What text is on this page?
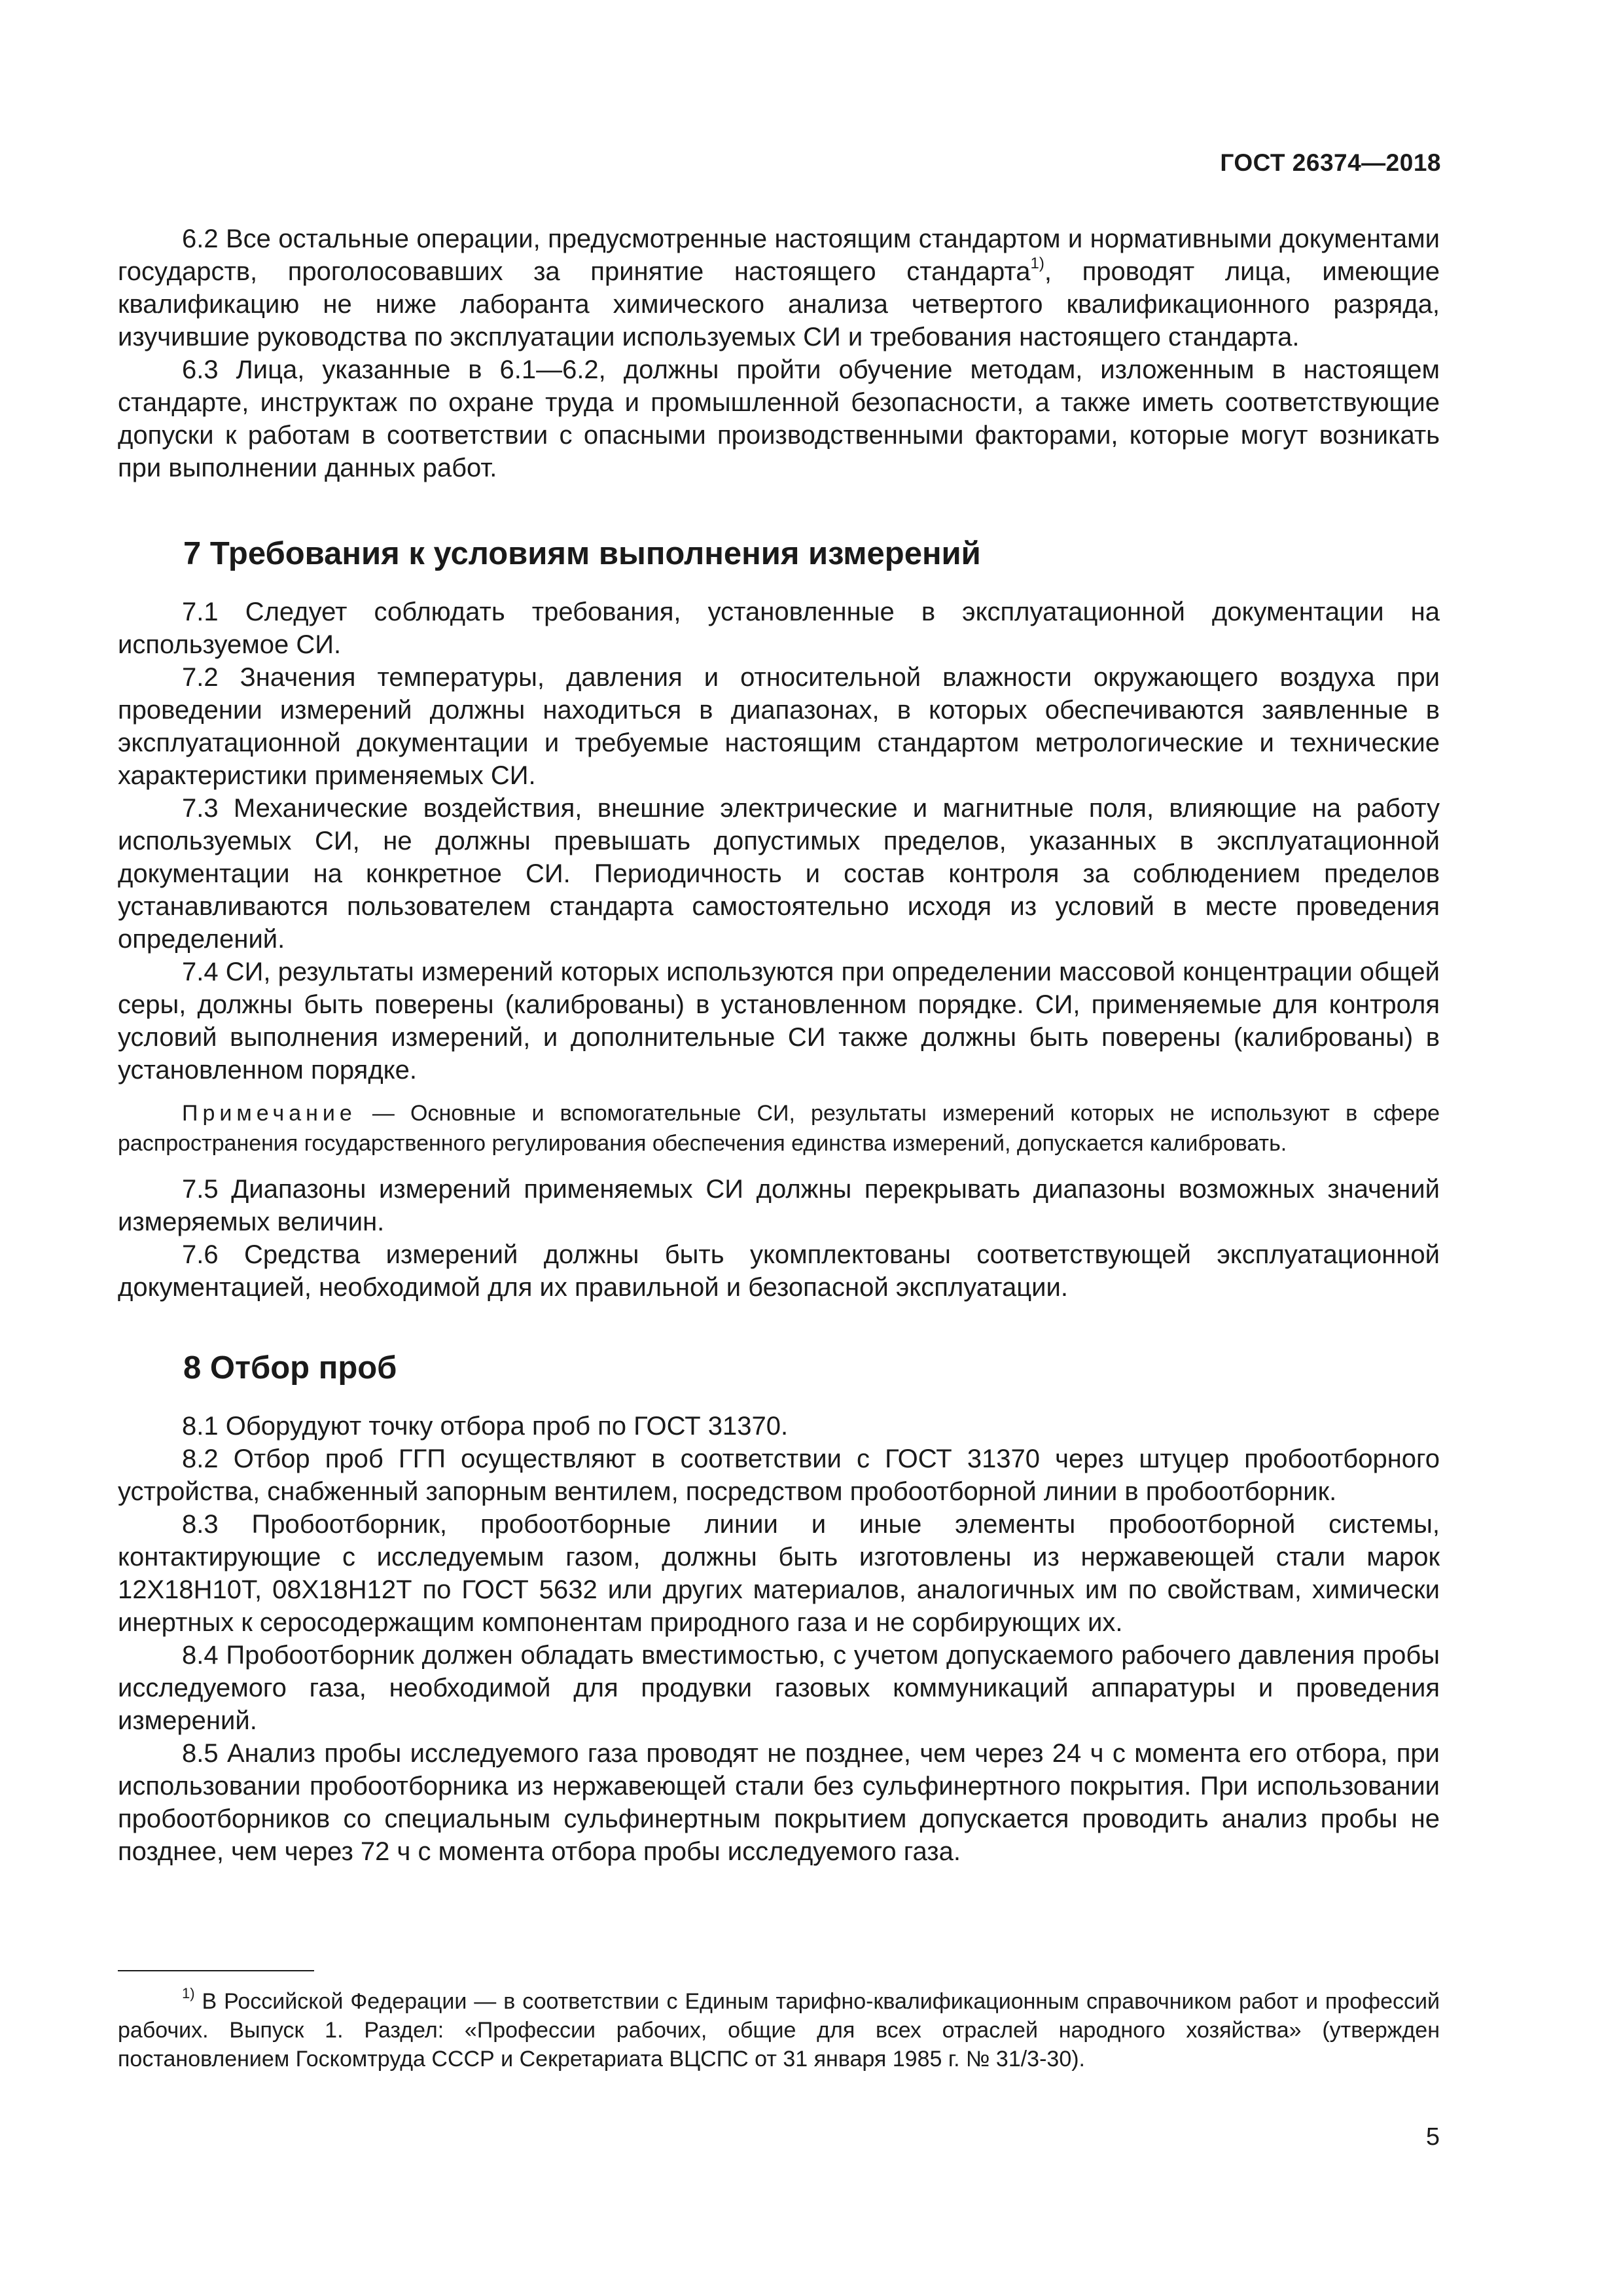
ГОСТ 26374—2018

6.2 Все остальные операции, предусмотренные настоящим стандартом и нормативными документами государств, проголосовавших за принятие настоящего стандарта$^{1)}$, проводят лица, имеющие квалификацию не ниже лаборанта химического анализа четвертого квалификационного разряда, изучившие руководства по эксплуатации используемых СИ и требования настоящего стандарта.

6.3 Лица, указанные в 6.1—6.2, должны пройти обучение методам, изложенным в настоящем стандарте, инструктаж по охране труда и промышленной безопасности, а также иметь соответствующие допуски к работам в соответствии с опасными производственными факторами, которые могут возникать при выполнении данных работ.

7 Требования к условиям выполнения измерений

7.1 Следует соблюдать требования, установленные в эксплуатационной документации на используемое СИ.

7.2 Значения температуры, давления и относительной влажности окружающего воздуха при проведении измерений должны находиться в диапазонах, в которых обеспечиваются заявленные в эксплуатационной документации и требуемые настоящим стандартом метрологические и технические характеристики применяемых СИ.

7.3 Механические воздействия, внешние электрические и магнитные поля, влияющие на работу используемых СИ, не должны превышать допустимых пределов, указанных в эксплуатационной документации на конкретное СИ. Периодичность и состав контроля за соблюдением пределов устанавливаются пользователем стандарта самостоятельно исходя из условий в месте проведения определений.

7.4 СИ, результаты измерений которых используются при определении массовой концентрации общей серы, должны быть поверены (калиброваны) в установленном порядке. СИ, применяемые для контроля условий выполнения измерений, и дополнительные СИ также должны быть поверены (калиброваны) в установленном порядке.

Примечание — Основные и вспомогательные СИ, результаты измерений которых не используют в сфере распространения государственного регулирования обеспечения единства измерений, допускается калибровать.

7.5 Диапазоны измерений применяемых СИ должны перекрывать диапазоны возможных значений измеряемых величин.

7.6 Средства измерений должны быть укомплектованы соответствующей эксплуатационной документацией, необходимой для их правильной и безопасной эксплуатации.

8 Отбор проб

8.1 Оборудуют точку отбора проб по ГОСТ 31370.

8.2 Отбор проб ГГП осуществляют в соответствии с ГОСТ 31370 через штуцер пробоотборного устройства, снабженный запорным вентилем, посредством пробоотборной линии в пробоотборник.

8.3 Пробоотборник, пробоотборные линии и иные элементы пробоотборной системы, контактирующие с исследуемым газом, должны быть изготовлены из нержавеющей стали марок 12Х18Н10Т, 08Х18Н12Т по ГОСТ 5632 или других материалов, аналогичных им по свойствам, химически инертных к серосодержащим компонентам природного газа и не сорбирующих их.

8.4 Пробоотборник должен обладать вместимостью, с учетом допускаемого рабочего давления пробы исследуемого газа, необходимой для продувки газовых коммуникаций аппаратуры и проведения измерений.

8.5 Анализ пробы исследуемого газа проводят не позднее, чем через 24 ч с момента его отбора, при использовании пробоотборника из нержавеющей стали без сульфинертного покрытия. При использовании пробоотборников со специальным сульфинертным покрытием допускается проводить анализ пробы не позднее, чем через 72 ч с момента отбора пробы исследуемого газа.

$^{1)}$ В Российской Федерации — в соответствии с Единым тарифно-квалификационным справочником работ и профессий рабочих. Выпуск 1. Раздел: «Профессии рабочих, общие для всех отраслей народного хозяйства» (утвержден постановлением Госкомтруда СССР и Секретариата ВЦСПС от 31 января 1985 г. № 31/3-30).

5
